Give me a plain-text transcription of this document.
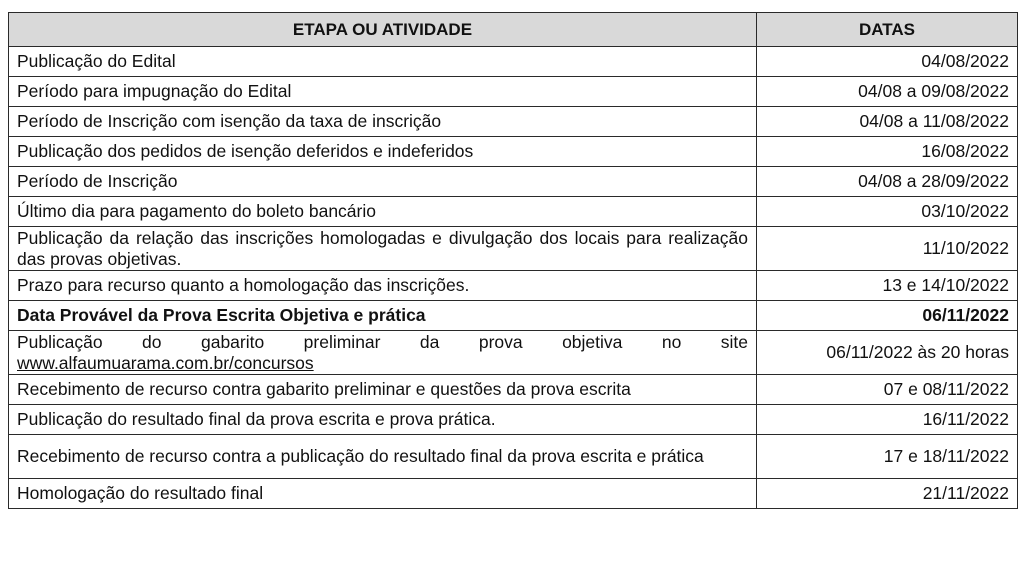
ETAPA OU ATIVIDADE	DATAS
Publicação do Edital	04/08/2022
Período para impugnação do Edital	04/08 a 09/08/2022
Período de Inscrição com isenção da taxa de inscrição	04/08 a 11/08/2022
Publicação dos pedidos de isenção deferidos e indeferidos	16/08/2022
Período de Inscrição	04/08 a 28/09/2022
Último dia para pagamento do boleto bancário	03/10/2022
Publicação da relação das inscrições homologadas e divulgação dos locais para realização das provas objetivas.	11/10/2022
Prazo para recurso quanto a homologação das inscrições.	13 e 14/10/2022
Data Provável da Prova Escrita Objetiva e prática	06/11/2022
Publicação do gabarito preliminar da prova objetiva no site www.alfaumuarama.com.br/concursos	06/11/2022 às 20 horas
Recebimento de recurso contra gabarito preliminar e questões da prova escrita	07 e 08/11/2022
Publicação do resultado final da prova escrita e prova prática.	16/11/2022
Recebimento de recurso contra a publicação do resultado final da prova escrita e prática	17 e 18/11/2022
Homologação do resultado final	21/11/2022
